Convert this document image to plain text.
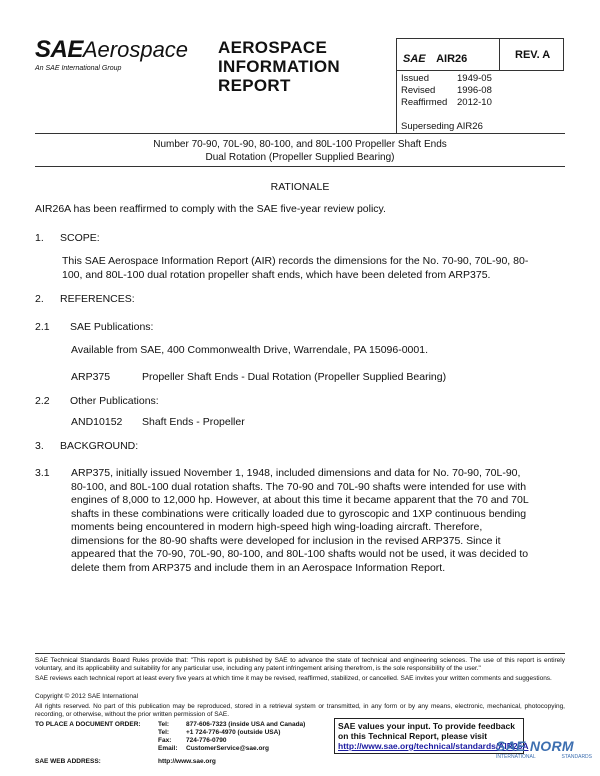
SAEAerospace
An SAE International Group
AEROSPACE
INFORMATION
REPORT
SAE AIR26	REV. A
Issued	1949-05
Revised 1996-08
Reaffirmed 2012-10
Superseding AIR26
Number 70-90, 70L-90, 80-100, and 80L-100 Propeller Shaft Ends
Dual Rotation (Propeller Supplied Bearing)
RATIONALE
AIR26A has been reaffirmed to comply with the SAE five-year review policy.
1. SCOPE:
This SAE Aerospace Information Report (AIR) records the dimensions for the No. 70-90, 70L-90, 80-100, and 80L-100 dual rotation propeller shaft ends, which have been deleted from ARP375.
2. REFERENCES:
2.1 SAE Publications:
Available from SAE, 400 Commonwealth Drive, Warrendale, PA 15096-0001.
ARP375	Propeller Shaft Ends - Dual Rotation (Propeller Supplied Bearing)
2.2 Other Publications:
AND10152 Shaft Ends - Propeller
3. BACKGROUND:
3.1 ARP375, initially issued November 1, 1948, included dimensions and data for No. 70-90, 70L-90,
80-100, and 80L-100 dual rotation shafts. The 70-90 and 70L-90 shafts were intended for use with
engines of 8,000 to 12,000 hp. However, at about this time it became apparent that the 70 and 70L
shafts in these combinations were critically loaded due to gyroscopic and 1XP continuous bending
moments being encountered in modern high-speed high wing-loading aircraft. Therefore,
dimensions for the 80-90 shafts were developed for inclusion in the revised ARP375. Since it
appeared that the 70-90, 70L-90, 80-100, and 80L-100 shafts would not be used, it was decided to
delete them from ARP375 and include them in an Aerospace Information Report.
SAE Technical Standards Board Rules provide that: "This report is published by SAE to advance the state of technical and engineering sciences. The use of this report is entirely voluntary, and its applicability and suitability for any particular use, including any patent infringement arising therefrom, is the sole responsibility of the user."
SAE reviews each technical report at least every five years at which time it may be revised, reaffirmed, stabilized, or cancelled. SAE invites your written comments and suggestions.
Copyright © 2012 SAE International
All rights reserved. No part of this publication may be reproduced, stored in a retrieval system or transmitted, in any form or by any means, electronic, mechanical, photocopying, recording, or otherwise, without the prior written permission of SAE.
TO PLACE A DOCUMENT ORDER:	Tel:	877-606-7323 (inside USA and Canada)
Tel:	+1 724-776-4970 (outside USA)
Fax: 724-776-0790
Email: CustomerService@sae.org
SAE WEB ADDRESS:	http://www.sae.org
SAE values your input. To provide feedback
on this Technical Report, please visit
http://www.sae.org/technical/standards/AIR26A
SAE NORM
INTERNATIONAL	STANDARDS
